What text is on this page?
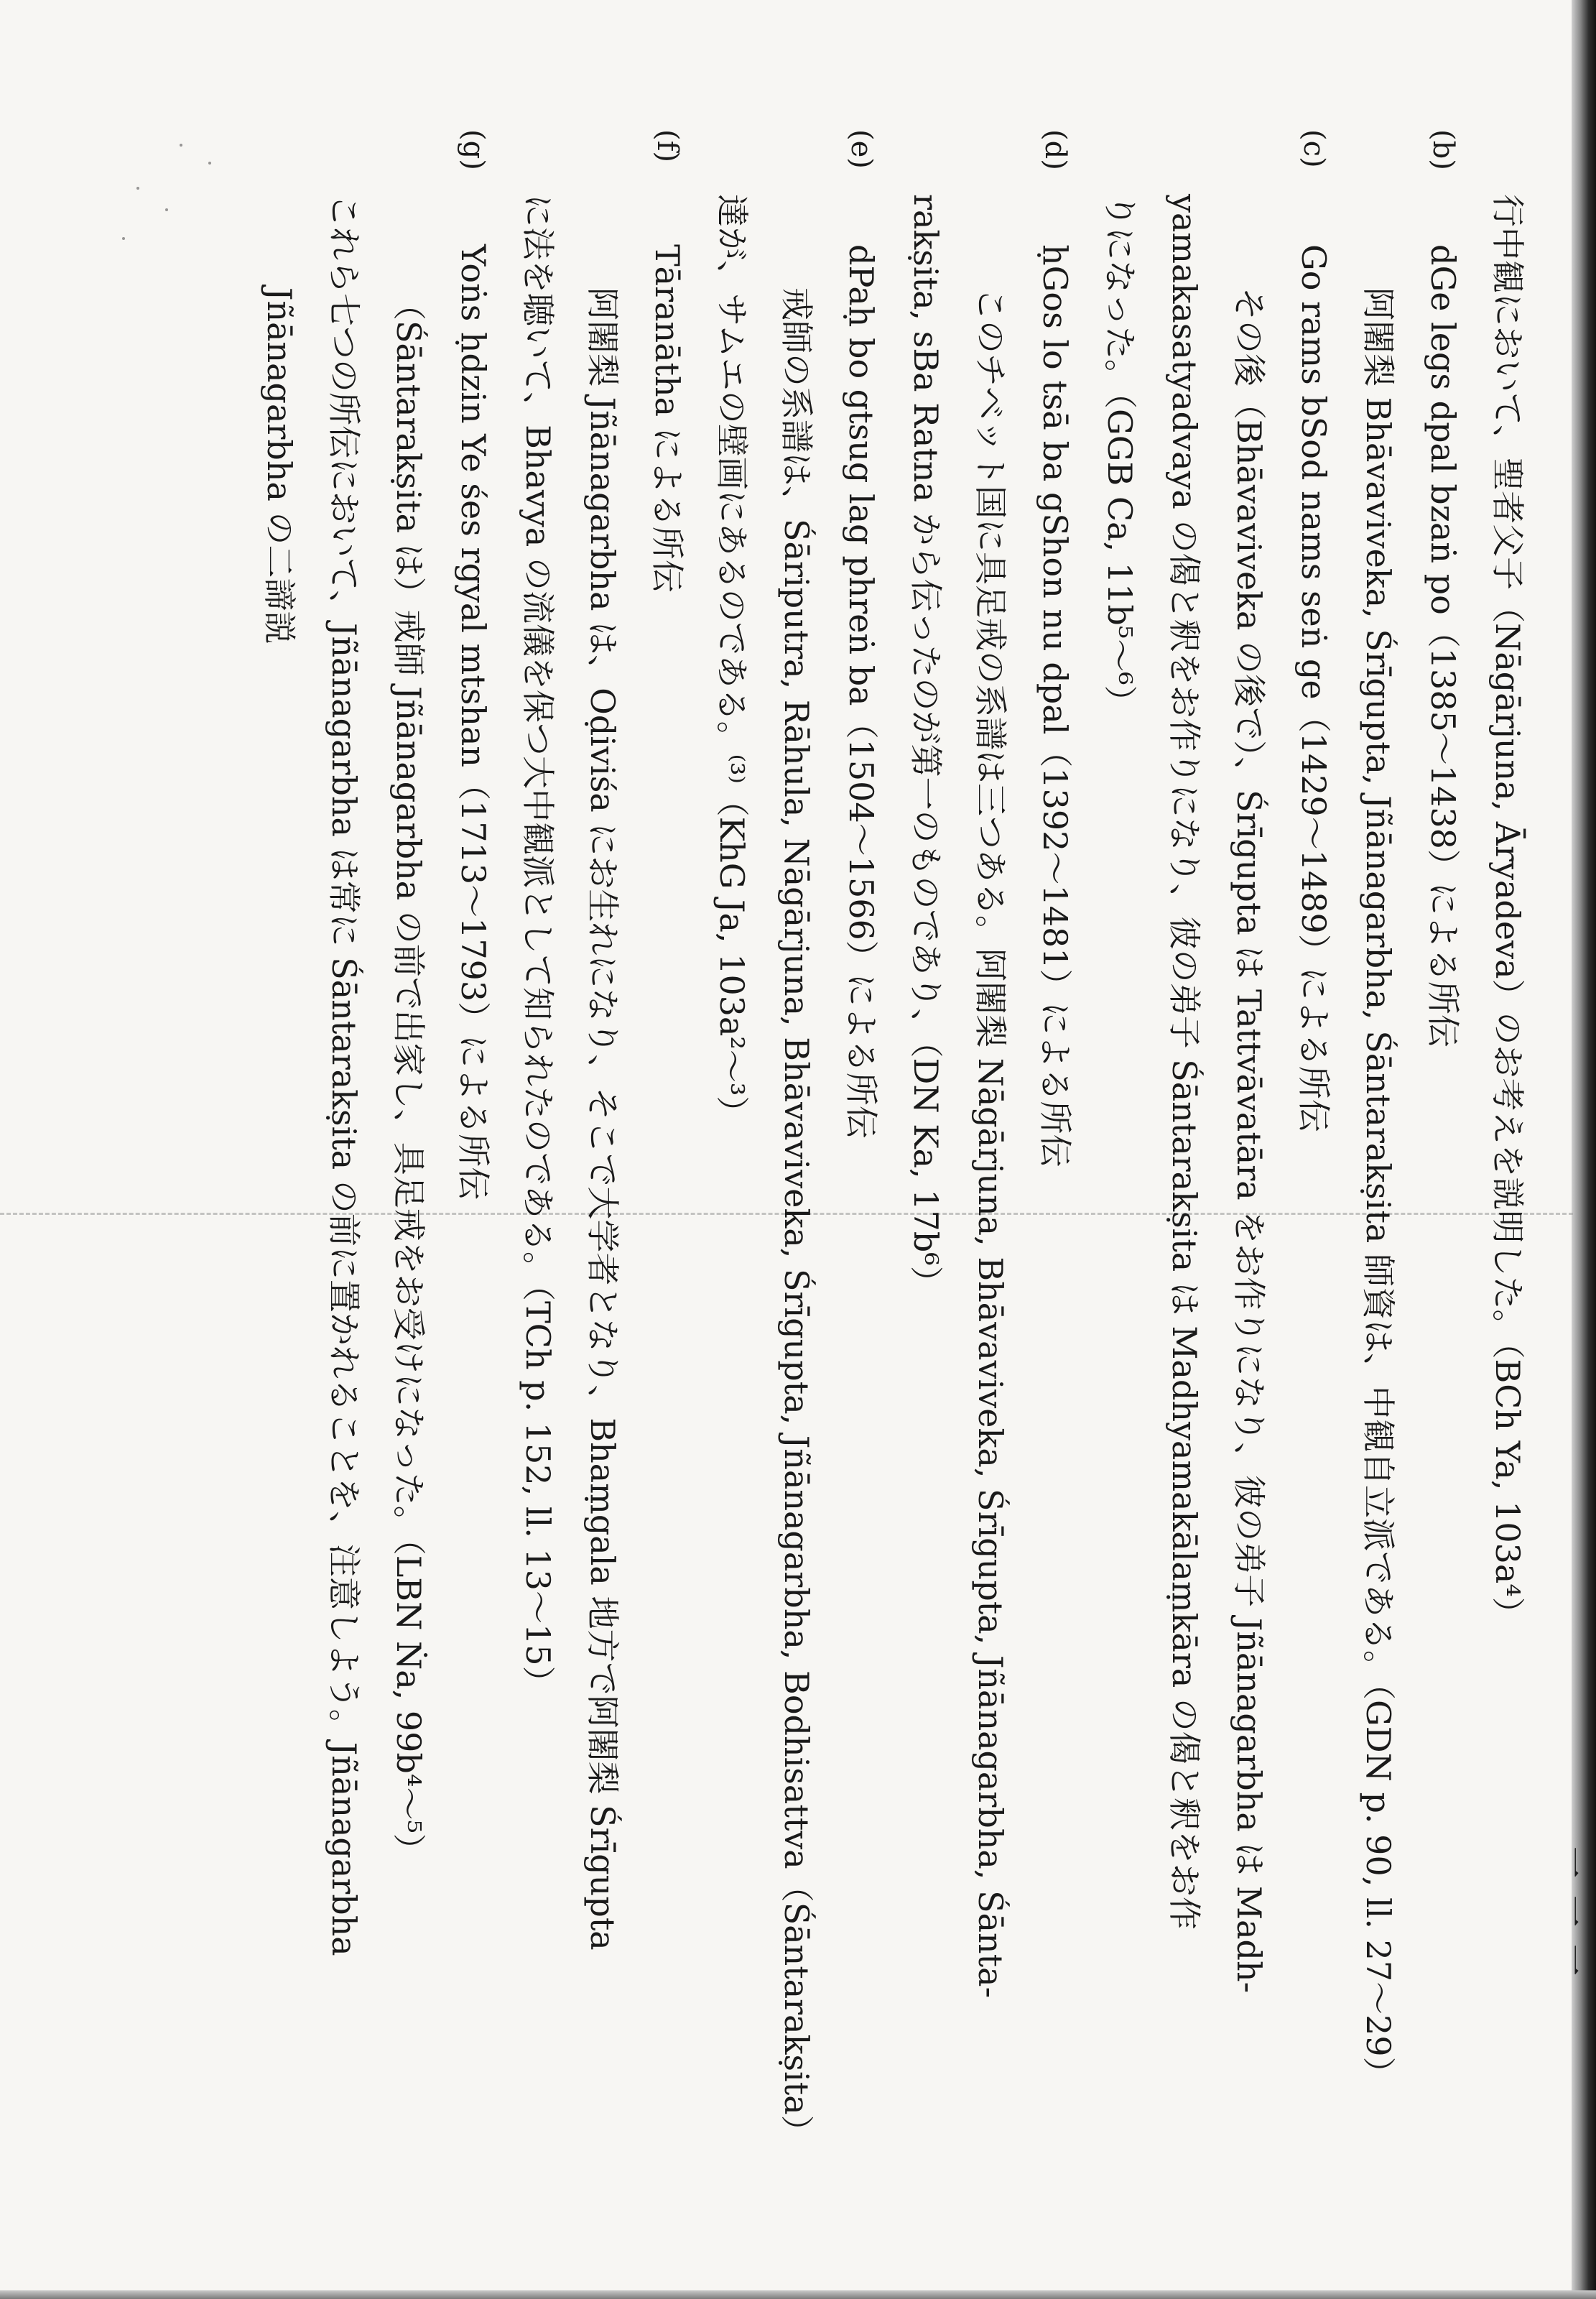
行中観において、聖者父子（Nāgārjuna, Āryadeva）のお考えを説明した。（BCh Ya, 103a⁴）
(b)
dGe legs dpal bzaṅ po（1385〜1438）による所伝
阿闍梨 Bhāvaviveka, Śrīgupta, Jñānagarbha, Śāntarakṣita 師資は、中観自立派である。（GDN p. 90, ll. 27〜29）
(c)
Go rams bSod nams seṅ ge（1429〜1489）による所伝
その後（Bhāvaviveka の後で）、Śrīgupta は Tattvāvatāra をお作りになり、彼の弟子 Jñānagarbha は Madh-
yamakasatyadvaya の偈と釈をお作りになり、彼の弟子 Śāntarakṣita は Madhyamakālaṃkāra の偈と釈をお作
りになった。（GGB Ca, 11b⁵〜⁶）
(d)
ḥGos lo tsā ba gShon nu dpal（1392〜1481）による所伝
このチベット国に具足戒の系譜は三つある。阿闍梨 Nāgārjuna, Bhāvaviveka, Śrīgupta, Jñānagarbha, Śānta-
rakṣita, sBa Ratna から伝ったのが第一のものであり、（DN Ka, 17b⁶）
(e)
dPaḥ bo gtsug lag phreṅ ba（1504〜1566）による所伝
戒師の系譜は、Śāriputra, Rāhula, Nāgārjuna, Bhāvaviveka, Śrīgupta, Jñānagarbha, Bodhisattva（Śāntarakṣita）
達が、サムエの壁画にあるのである。⁽³⁾（KhG Ja, 103a²〜³）
(f)
Tāranātha による所伝
阿闍梨 Jñānagarbha は、Oḍiviśa にお生れになり、そこで大学者となり、Bhaṃgala 地方で阿闍梨 Śrīgupta
に法を聴いて、Bhavya の流儀を保つ大中観派として知られたのである。（TCh p. 152, ll. 13〜15）
(g)
Yoṅs ḥdzin Ye śes rgyal mtshan（1713〜1793）による所伝
（Śāntarakṣita は）戒師 Jñānagarbha の前で出家し、具足戒をお受けになった。（LBN Ṅa, 99b⁴〜⁵）
これら七つの所伝において、Jñānagarbha は常に Śāntarakṣita の前に置かれることを、注意しよう。Jñānagarbha
Jñānagarbha の二諦説
一一一
